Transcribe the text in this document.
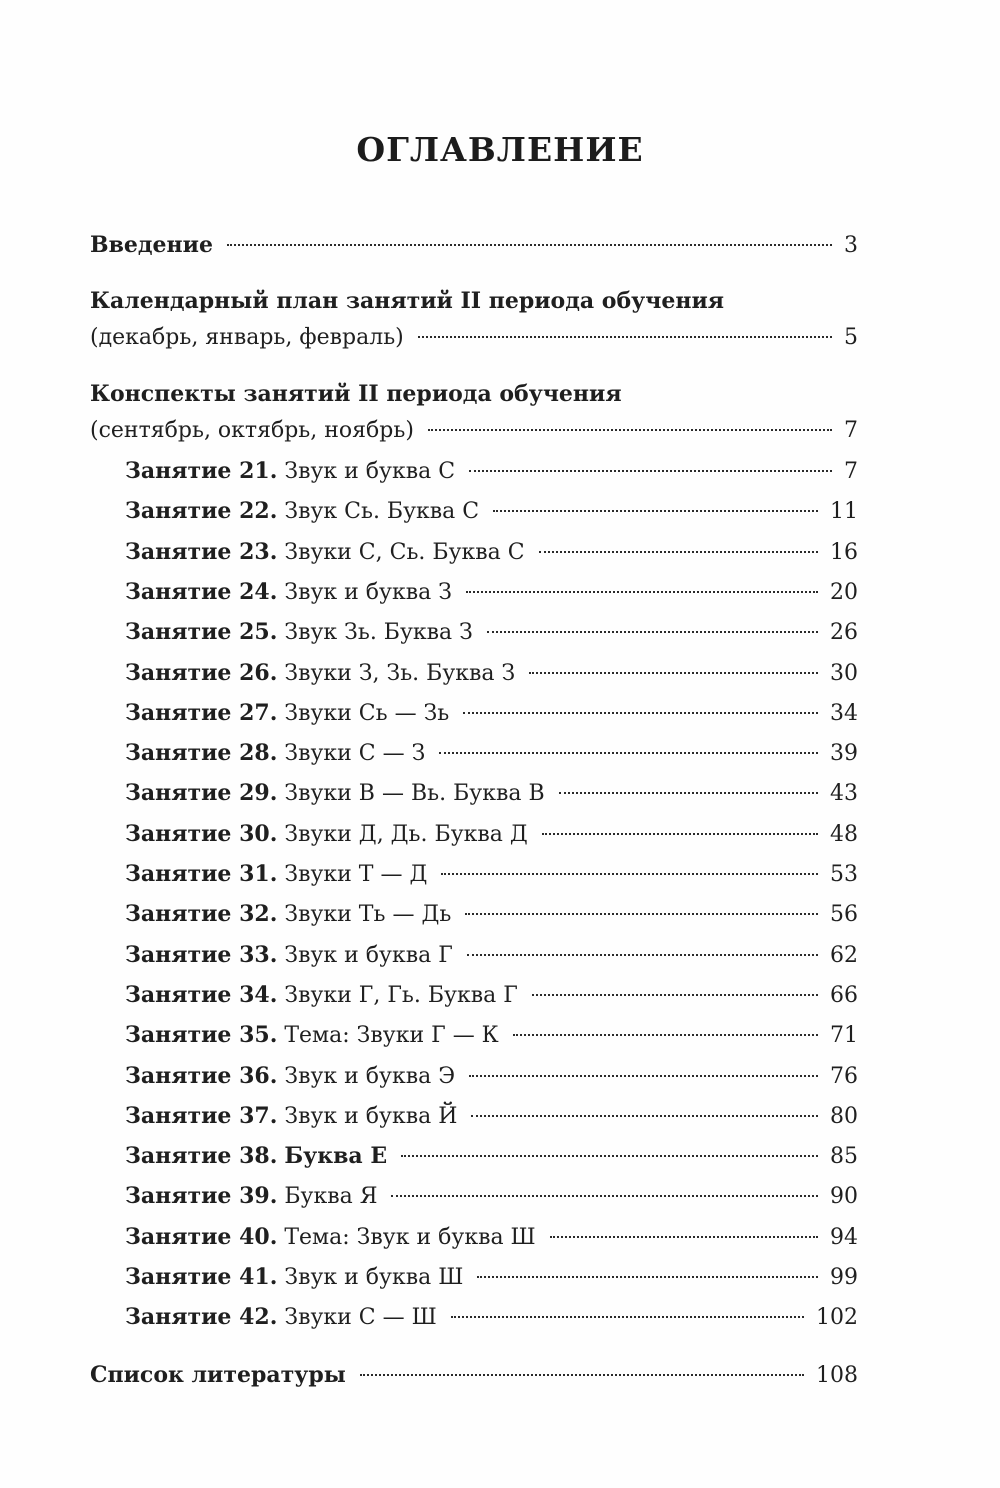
ОГЛАВЛЕНИЕ
Введение	3
Календарный план занятий II периода обучения
(декабрь, январь, февраль)	5
Конспекты занятий II периода обучения
(сентябрь, октябрь, ноябрь)	7
Занятие 21. Звук и буква С	7
Занятие 22. Звук Сь. Буква С	11
Занятие 23. Звуки С, Сь. Буква С	16
Занятие 24. Звук и буква З	20
Занятие 25. Звук Зь. Буква З	26
Занятие 26. Звуки З, Зь. Буква З	30
Занятие 27. Звуки Сь — Зь	34
Занятие 28. Звуки С — З	39
Занятие 29. Звуки В — Вь. Буква В	43
Занятие 30. Звуки Д, Дь. Буква Д	48
Занятие 31. Звуки Т — Д	53
Занятие 32. Звуки Ть — Дь	56
Занятие 33. Звук и буква Г	62
Занятие 34. Звуки Г, Гь. Буква Г	66
Занятие 35. Тема: Звуки Г — К	71
Занятие 36. Звук и буква Э	76
Занятие 37. Звук и буква Й	80
Занятие 38. Буква Е	85
Занятие 39. Буква Я	90
Занятие 40. Тема: Звук и буква Ш	94
Занятие 41. Звук и буква Ш	99
Занятие 42. Звуки С — Ш	102
Список литературы	108
